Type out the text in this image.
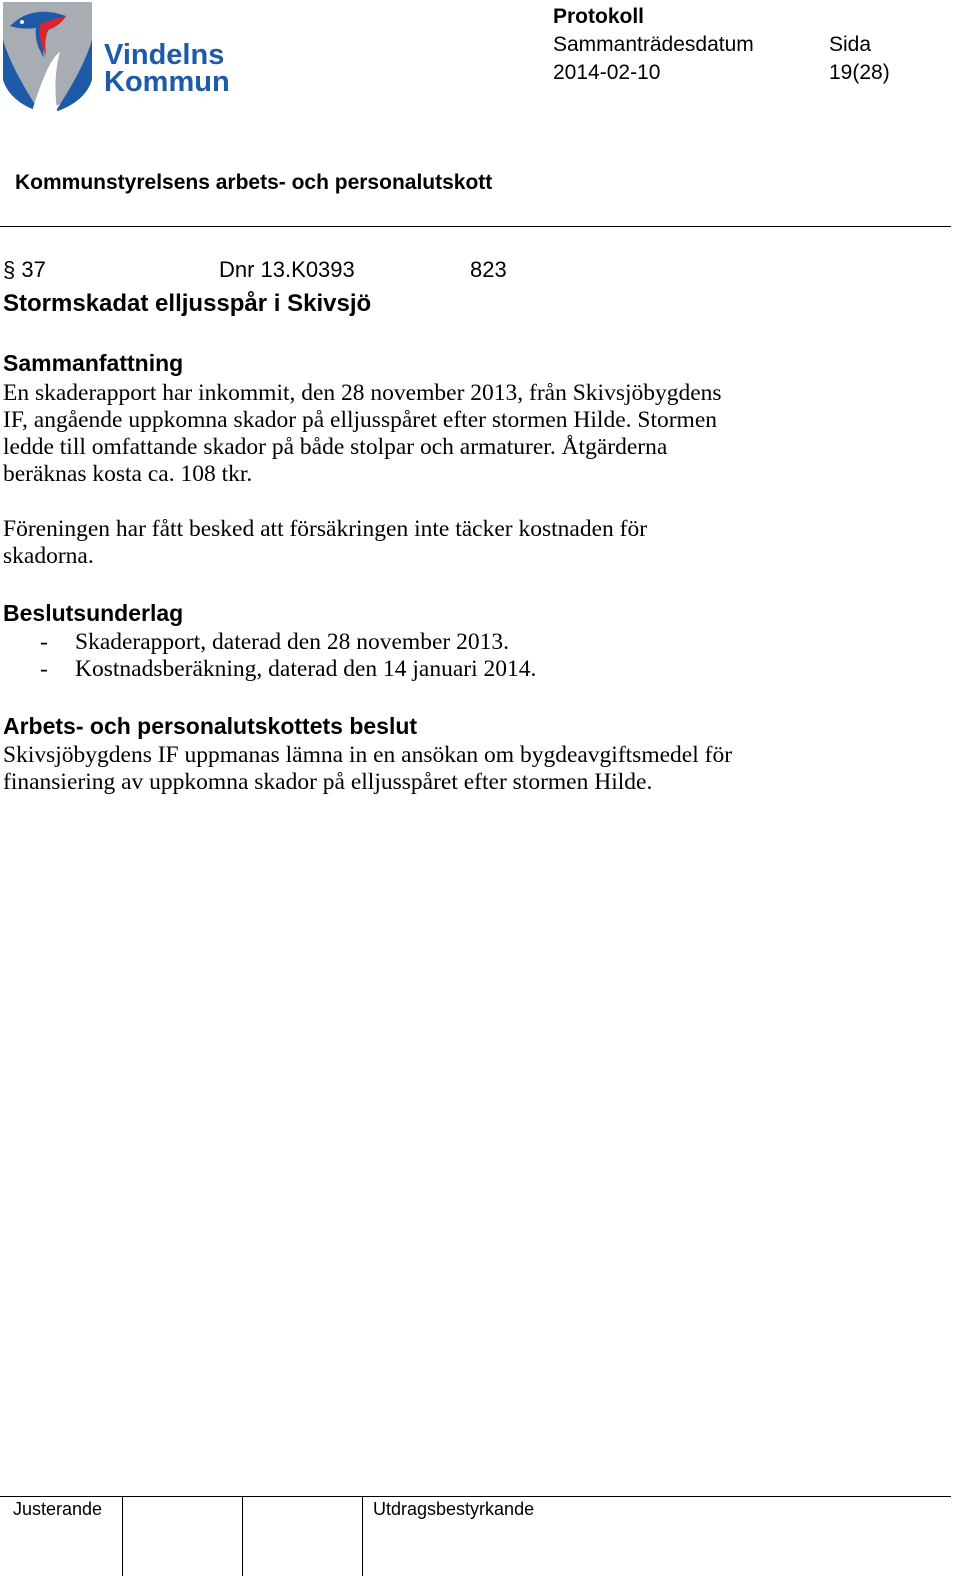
Vindelns
Kommun
Protokoll
Sammanträdesdatum
2014-02-10
Sida
19(28)
Kommunstyrelsens arbets- och personalutskott
§ 37	Dnr 13.K0393	823
Stormskadat elljusspår i Skivsjö
Sammanfattning
En skaderapport har inkommit, den 28 november 2013, från Skivsjöbygdens
IF, angående uppkomna skador på elljusspåret efter stormen Hilde. Stormen
ledde till omfattande skador på både stolpar och armaturer. Åtgärderna
beräknas kosta ca. 108 tkr.
Föreningen har fått besked att försäkringen inte täcker kostnaden för
skadorna.
Beslutsunderlag
- Skaderapport, daterad den 28 november 2013.
- Kostnadsberäkning, daterad den 14 januari 2014.
Arbets- och personalutskottets beslut
Skivsjöbygdens IF uppmanas lämna in en ansökan om bygdeavgiftsmedel för
finansiering av uppkomna skador på elljusspåret efter stormen Hilde.
Justerande	Utdragsbestyrkande
